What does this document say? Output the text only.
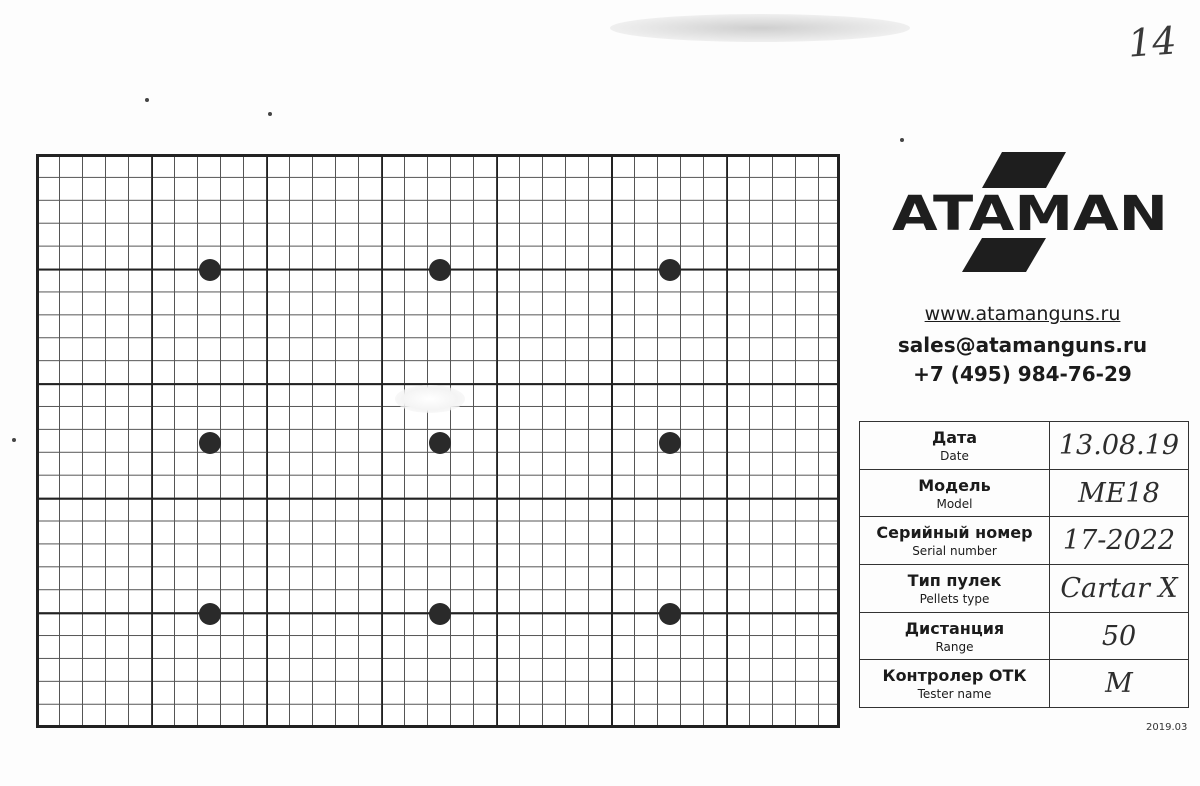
14
ATAMAN
www.atamanguns.ru
sales@atamanguns.ru
+7 (495) 984-76-29
Дата
Date	13.08.19
Модель
Model	ME18
Серийный номер
Serial number	17-2022
Тип пулек
Pellets type	Cartar X
Дистанция
Range	50
Контролер ОТК
Tester name	M
2019.03
